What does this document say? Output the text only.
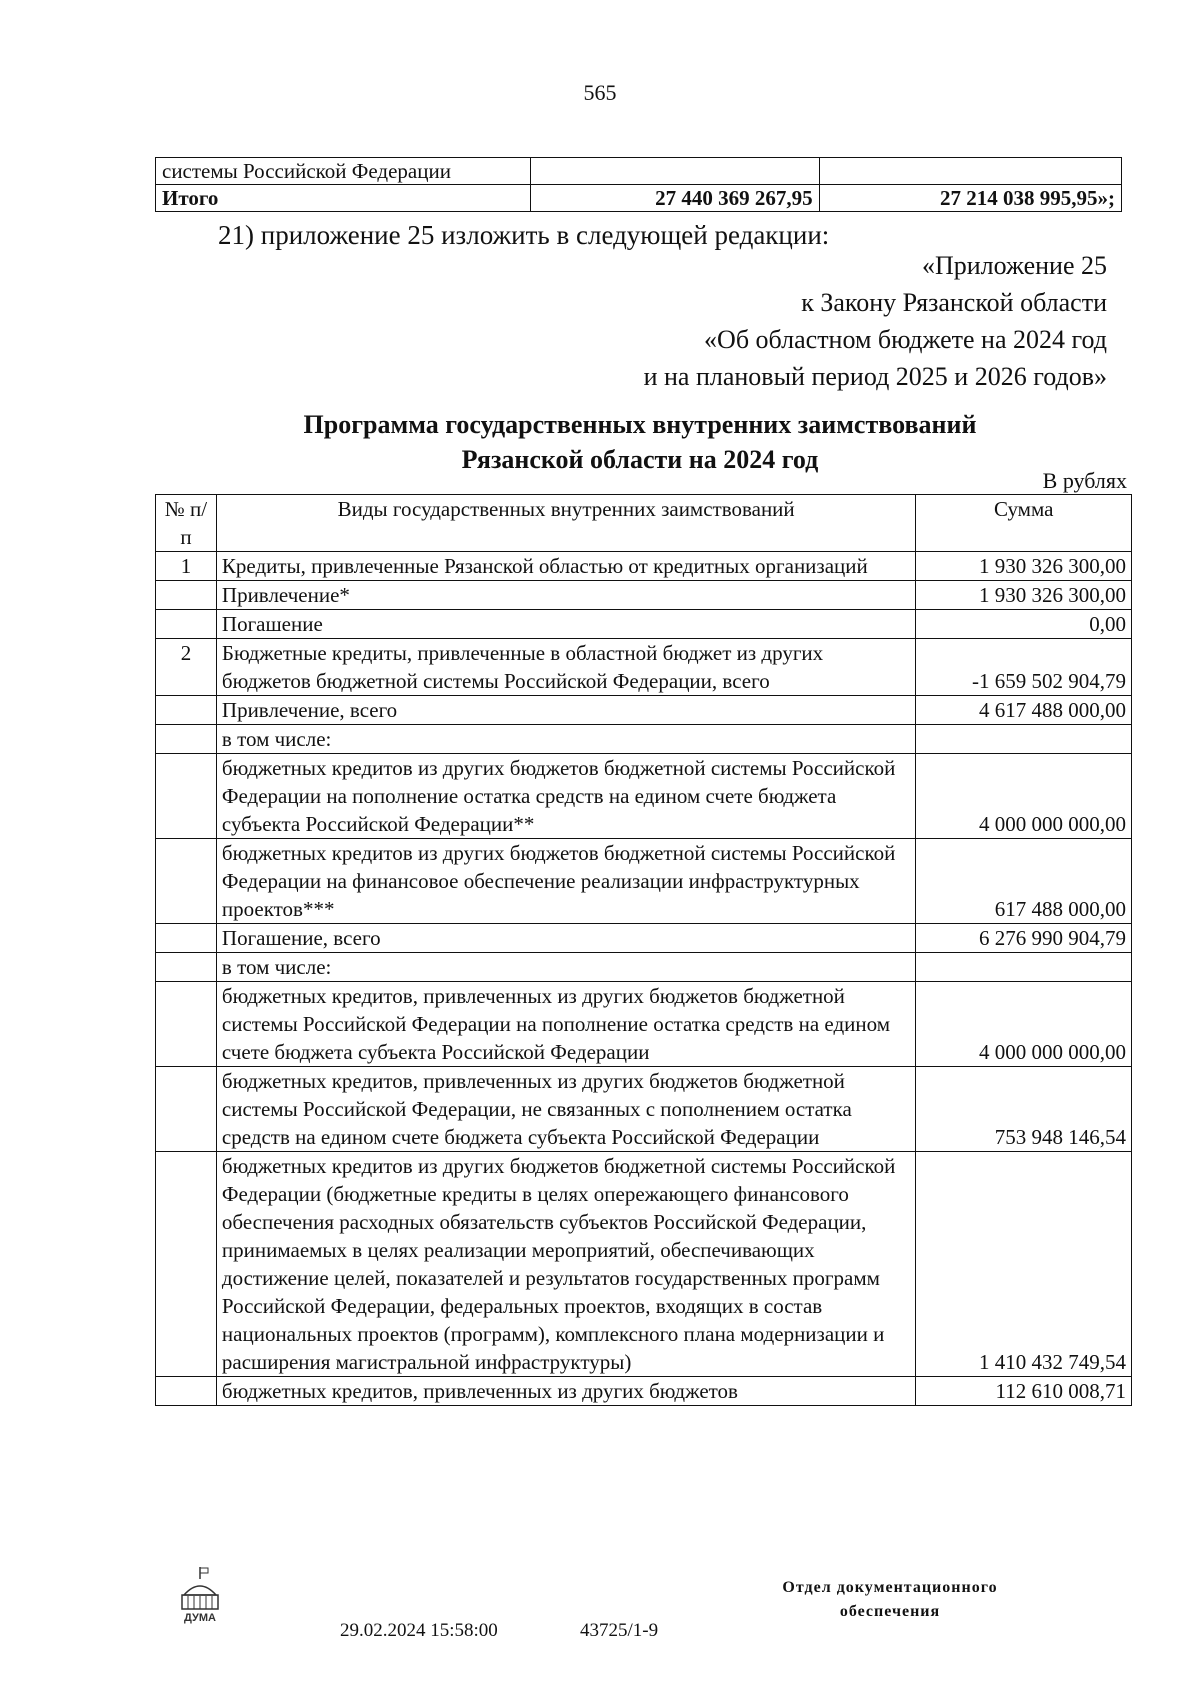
565
системы Российской Федерации		
Итого	27 440 369 267,95	27 214 038 995,95»;
21) приложение 25 изложить в следующей редакции:
«Приложение 25
к Закону Рязанской области
«Об областном бюджете на 2024 год
и на плановый период 2025 и 2026 годов»
Программа государственных внутренних заимствований
Рязанской области на 2024 год
В рублях
№ п/п	Виды государственных внутренних заимствований	Сумма
1	Кредиты, привлеченные Рязанской областью от кредитных организаций	1 930 326 300,00
	Привлечение*	1 930 326 300,00
	Погашение	0,00
2	Бюджетные кредиты, привлеченные в областной бюджет из других бюджетов бюджетной системы Российской Федерации, всего	-1 659 502 904,79
	Привлечение, всего	4 617 488 000,00
	в том числе:	
	бюджетных кредитов из других бюджетов бюджетной системы Российской Федерации на пополнение остатка средств на едином счете бюджета субъекта Российской Федерации**	4 000 000 000,00
	бюджетных кредитов из других бюджетов бюджетной системы Российской Федерации на финансовое обеспечение реализации инфраструктурных проектов***	617 488 000,00
	Погашение, всего	6 276 990 904,79
	в том числе:	
	бюджетных кредитов, привлеченных из других бюджетов бюджетной системы Российской Федерации на пополнение остатка средств на едином счете бюджета субъекта Российской Федерации	4 000 000 000,00
	бюджетных кредитов, привлеченных из других бюджетов бюджетной системы Российской Федерации, не связанных с пополнением остатка средств на едином счете бюджета субъекта Российской Федерации	753 948 146,54
	бюджетных кредитов из других бюджетов бюджетной системы Российской Федерации (бюджетные кредиты в целях опережающего финансового обеспечения расходных обязательств субъектов Российской Федерации, принимаемых в целях реализации мероприятий, обеспечивающих достижение целей, показателей и результатов государственных программ Российской Федерации, федеральных проектов, входящих в состав национальных проектов (программ), комплексного плана модернизации и расширения магистральной инфраструктуры)	1 410 432 749,54
	бюджетных кредитов, привлеченных из других бюджетов	112 610 008,71
ДУМА
29.02.2024 15:58:00	43725/1-9
Отдел документационного
обеспечения
